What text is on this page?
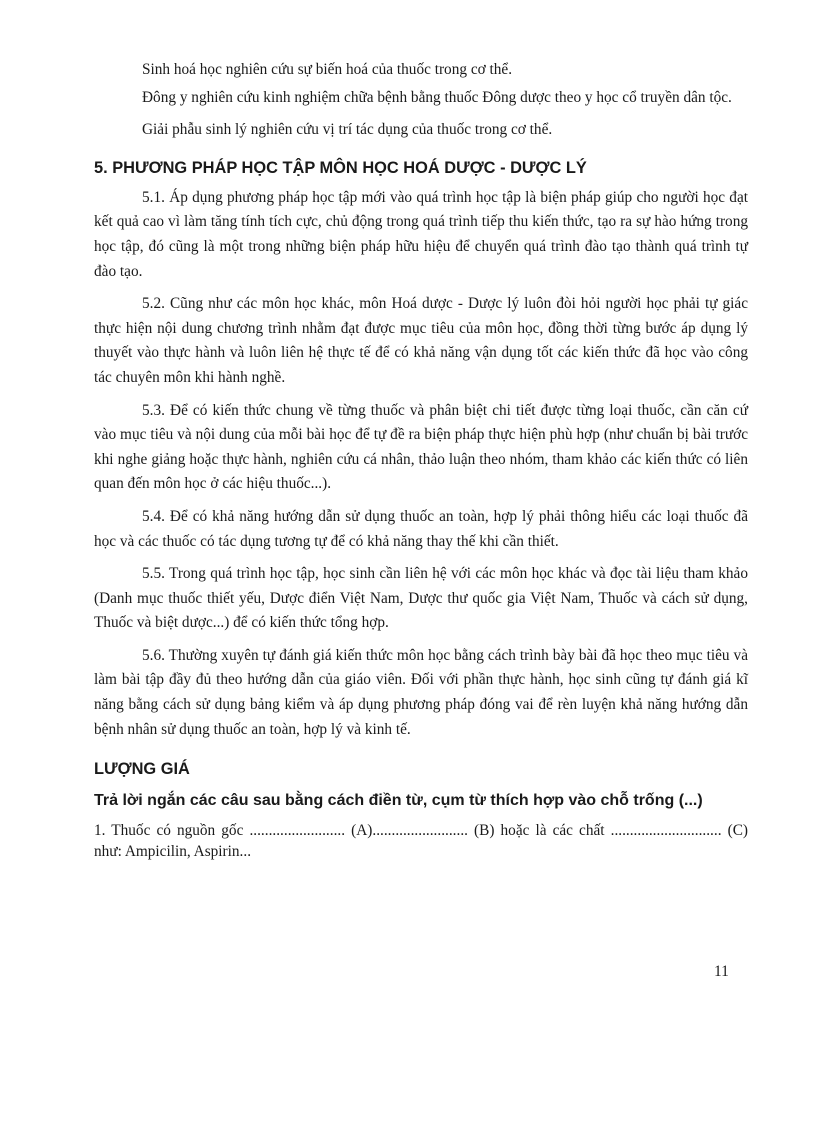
Sinh hoá học nghiên cứu sự biến hoá của thuốc trong cơ thể.

Đông y nghiên cứu kinh nghiệm chữa bệnh bằng thuốc Đông dược theo y học cổ truyền dân tộc.

Giải phẫu sinh lý nghiên cứu vị trí tác dụng của thuốc trong cơ thể.

5. PHƯƠNG PHÁP HỌC TẬP MÔN HỌC HOÁ DƯỢC - DƯỢC LÝ

5.1. Áp dụng phương pháp học tập mới vào quá trình học tập là biện pháp giúp cho người học đạt kết quả cao vì làm tăng tính tích cực, chủ động trong quá trình tiếp thu kiến thức, tạo ra sự hào hứng trong học tập, đó cũng là một trong những biện pháp hữu hiệu để chuyển quá trình đào tạo thành quá trình tự đào tạo.

5.2. Cũng như các môn học khác, môn Hoá dược - Dược lý luôn đòi hỏi người học phải tự giác thực hiện nội dung chương trình nhằm đạt được mục tiêu của môn học, đồng thời từng bước áp dụng lý thuyết vào thực hành và luôn liên hệ thực tế để có khả năng vận dụng tốt các kiến thức đã học vào công tác chuyên môn khi hành nghề.

5.3. Để có kiến thức chung về từng thuốc và phân biệt chi tiết được từng loại thuốc, cần căn cứ vào mục tiêu và nội dung của mỗi bài học để tự đề ra biện pháp thực hiện phù hợp (như chuẩn bị bài trước khi nghe giảng hoặc thực hành, nghiên cứu cá nhân, thảo luận theo nhóm, tham khảo các kiến thức có liên quan đến môn học ở các hiệu thuốc...).

5.4. Để có khả năng hướng dẫn sử dụng thuốc an toàn, hợp lý phải thông hiểu các loại thuốc đã học và các thuốc có tác dụng tương tự để có khả năng thay thế khi cần thiết.

5.5. Trong quá trình học tập, học sinh cần liên hệ với các môn học khác và đọc tài liệu tham khảo (Danh mục thuốc thiết yếu, Dược điển Việt Nam, Dược thư quốc gia Việt Nam, Thuốc và cách sử dụng, Thuốc và biệt dược...) để có kiến thức tổng hợp.

5.6. Thường xuyên tự đánh giá kiến thức môn học bằng cách trình bày bài đã học theo mục tiêu và làm bài tập đầy đủ theo hướng dẫn của giáo viên. Đối với phần thực hành, học sinh cũng tự đánh giá kĩ năng bằng cách sử dụng bảng kiểm và áp dụng phương pháp đóng vai để rèn luyện khả năng hướng dẫn bệnh nhân sử dụng thuốc an toàn, hợp lý và kinh tế.

LƯỢNG GIÁ
Trả lời ngắn các câu sau bằng cách điền từ, cụm từ thích hợp vào chỗ trống (...)

1. Thuốc có nguồn gốc ......................... (A)......................... (B) hoặc là các chất ............................. (C) như: Ampicilin, Aspirin...

11
